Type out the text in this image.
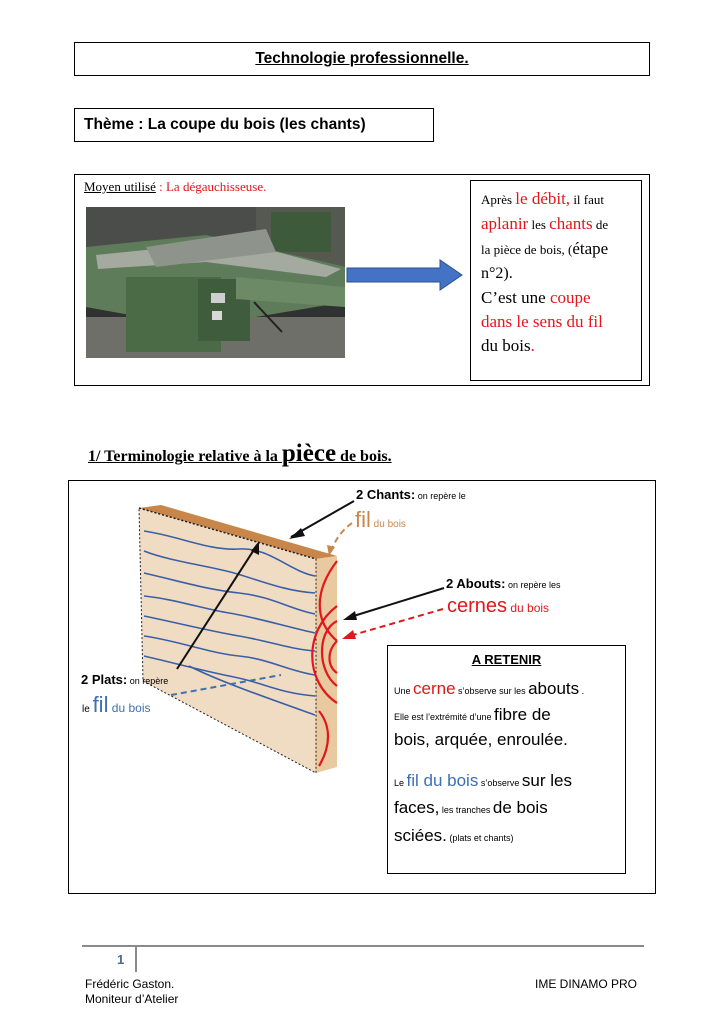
Technologie professionnelle.
Thème : La coupe du bois (les chants)
Moyen utilisé : La dégauchisseuse.
Après le débit, il faut
aplanir les chants de
la pièce de bois, (étape
n°2).
C’est une coupe
dans le sens du fil
du bois.
1/ Terminologie relative à la pièce de bois.
2 Chants: on repère le
fil du bois
2 Abouts: on repère les
cernes du bois
2 Plats: on repère
le fil du bois
A RETENIR
Une cerne s’observe sur les abouts .
Elle est l’extrémité d’une fibre de
bois, arquée, enroulée.
Le fil du bois s’observe sur les
faces, les tranches de bois
sciées. (plats et chants)
1
Frédéric Gaston.
Moniteur d’Atelier
IME DINAMO PRO
